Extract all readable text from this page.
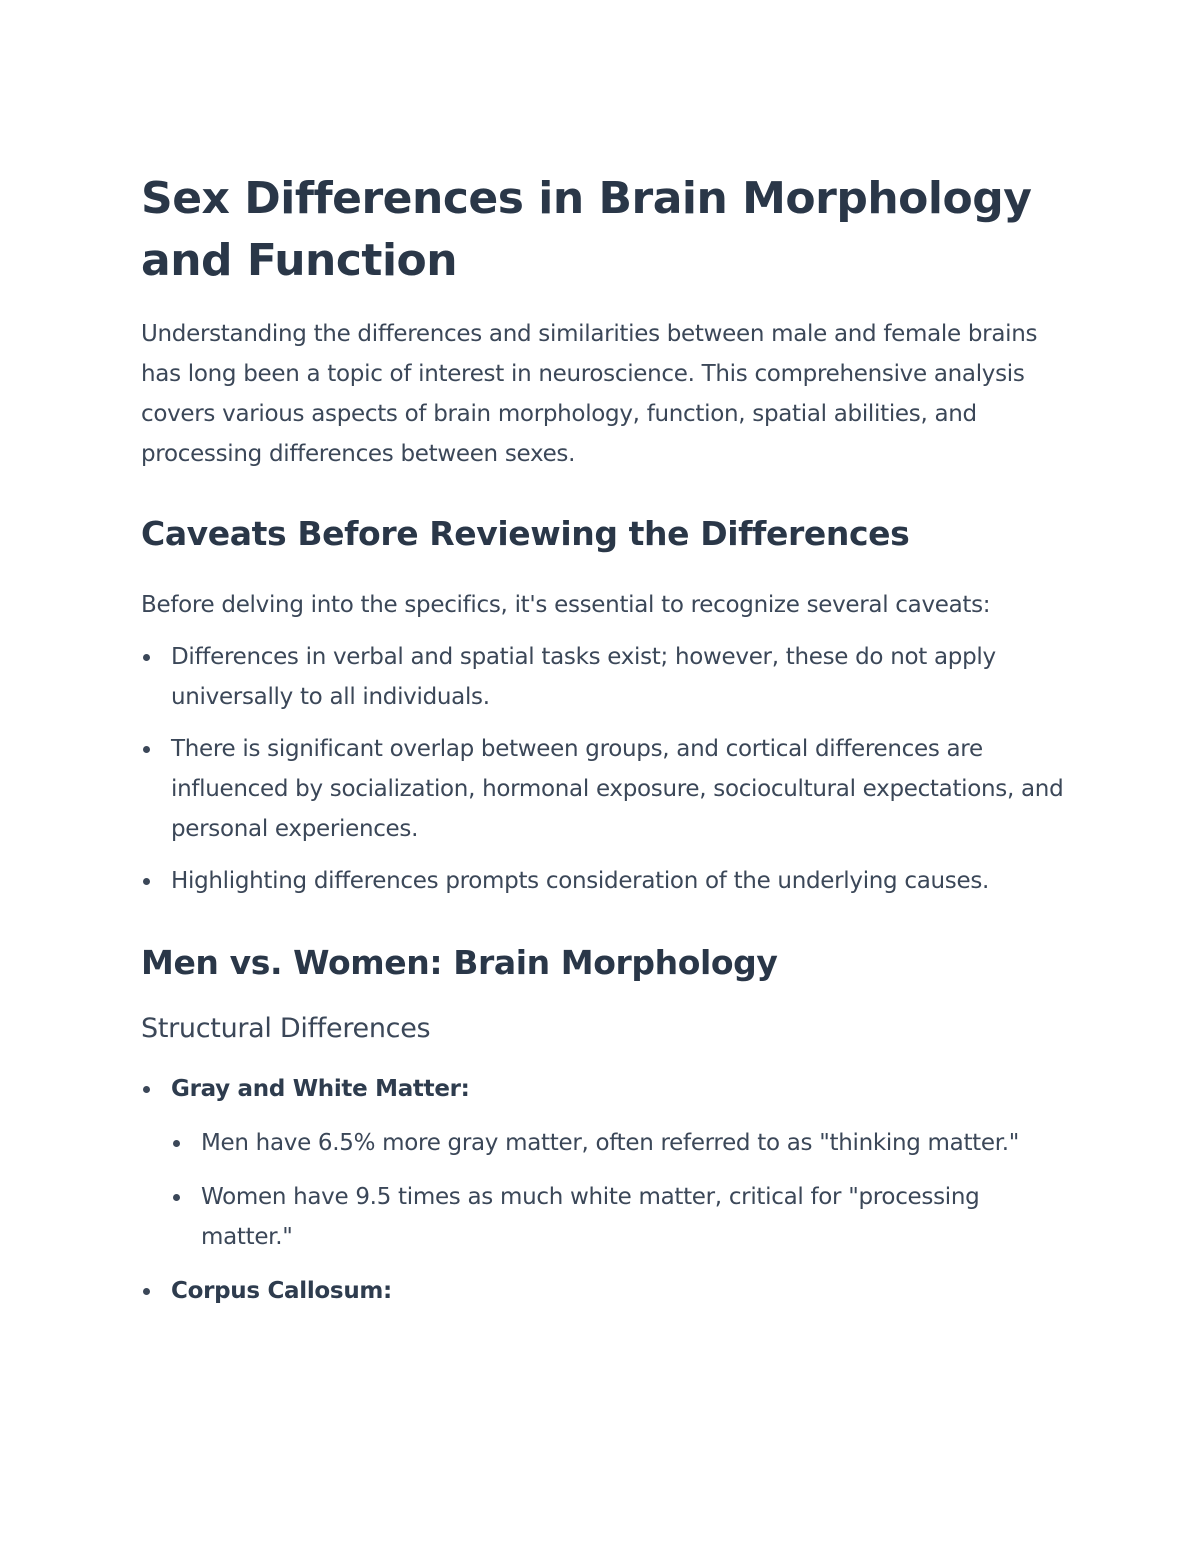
Sex Differences in Brain Morphology and Function

Understanding the differences and similarities between male and female brains has long been a topic of interest in neuroscience. This comprehensive analysis covers various aspects of brain morphology, function, spatial abilities, and processing differences between sexes.

Caveats Before Reviewing the Differences

Before delving into the specifics, it's essential to recognize several caveats:

Differences in verbal and spatial tasks exist; however, these do not apply universally to all individuals.
There is significant overlap between groups, and cortical differences are influenced by socialization, hormonal exposure, sociocultural expectations, and personal experiences.
Highlighting differences prompts consideration of the underlying causes.
Men vs. Women: Brain Morphology
Structural Differences
Gray and White Matter:
Men have 6.5% more gray matter, often referred to as "thinking matter."
Women have 9.5 times as much white matter, critical for "processing matter."
Corpus Callosum:
